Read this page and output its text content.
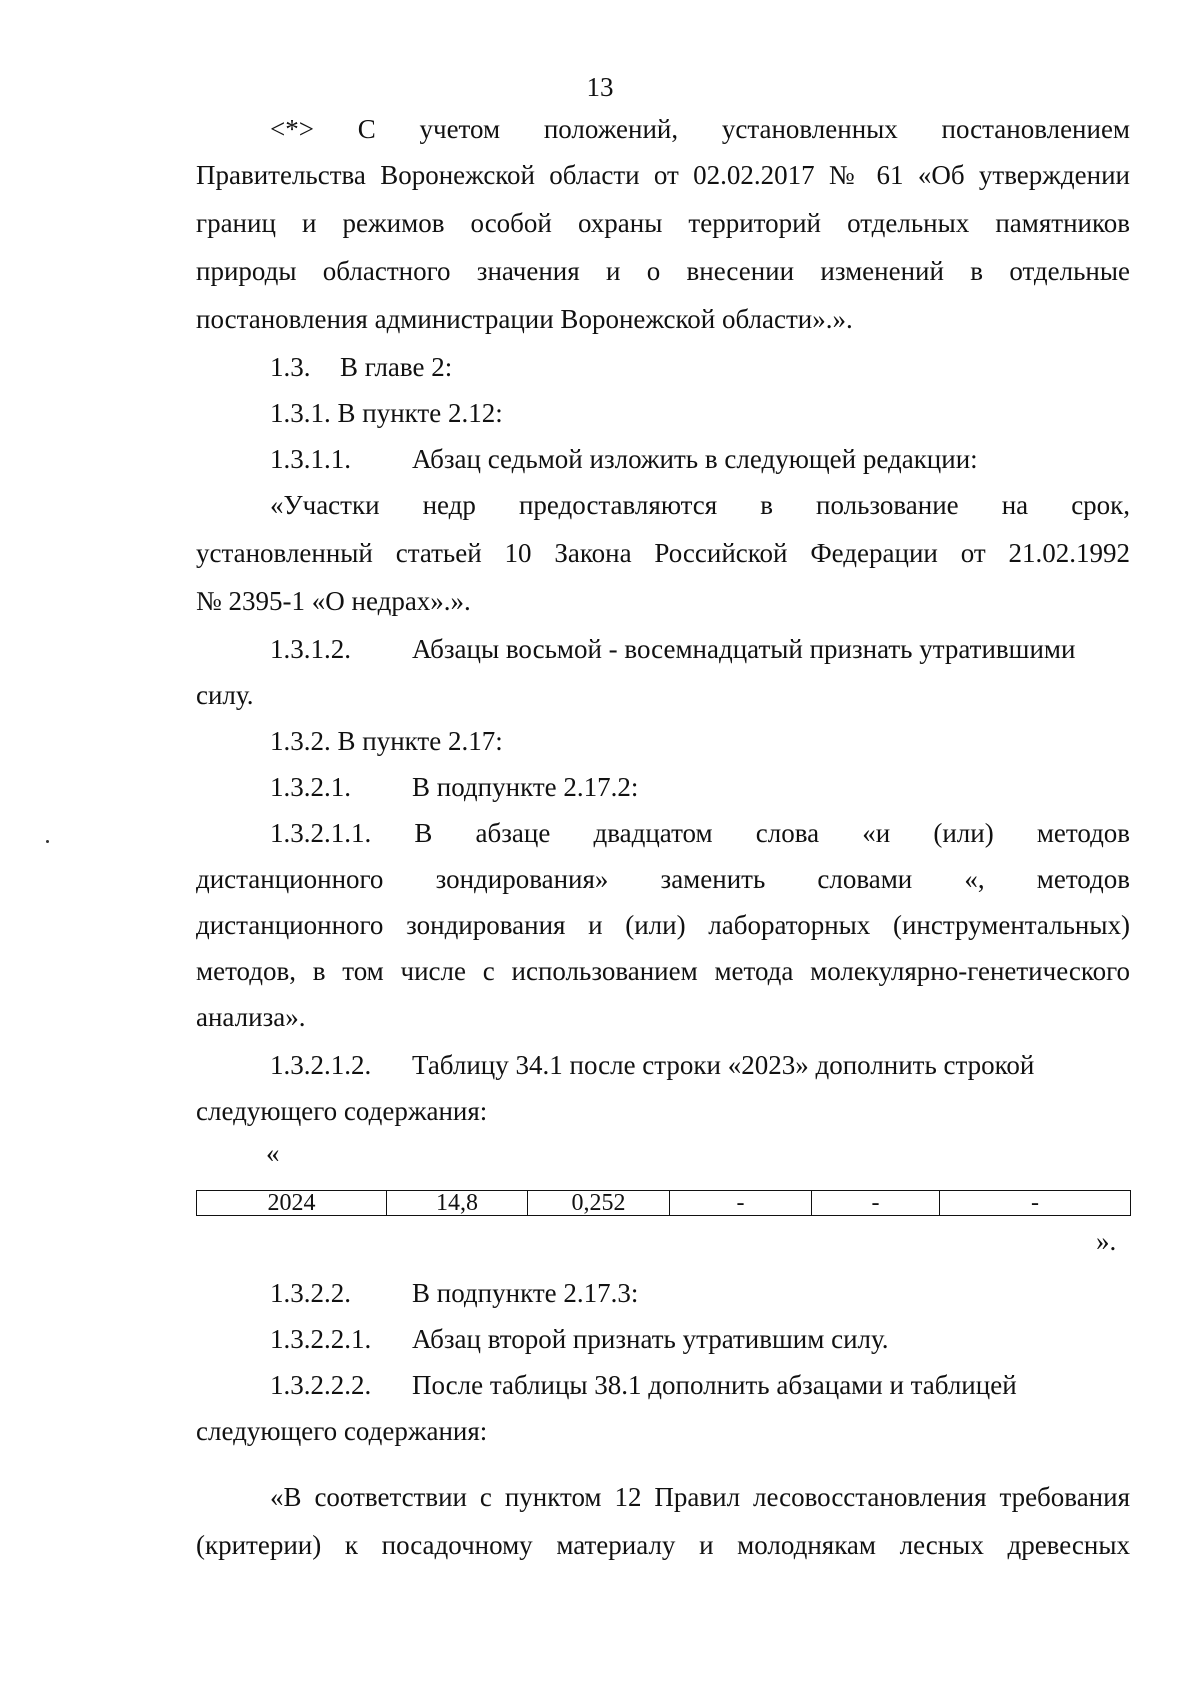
13
<*> С учетом положений, установленных постановлением
Правительства Воронежской области от 02.02.2017 № 61 «Об утверждении
границ и режимов особой охраны территорий отдельных памятников
природы областного значения и о внесении изменений в отдельные
постановления администрации Воронежской области».».
1.3. В главе 2:
1.3.1. В пункте 2.12:
1.3.1.1. Абзац седьмой изложить в следующей редакции:
«Участки недр предоставляются в пользование на срок,
установленный статьей 10 Закона Российской Федерации от 21.02.1992
№ 2395-1 «О недрах».».
1.3.1.2. Абзацы восьмой - восемнадцатый признать утратившими
силу.
1.3.2. В пункте 2.17:
1.3.2.1. В подпункте 2.17.2:
1.3.2.1.1. В абзаце двадцатом слова «и (или) методов
дистанционного зондирования» заменить словами «, методов
дистанционного зондирования и (или) лабораторных (инструментальных)
методов, в том числе с использованием метода молекулярно-генетического
анализа».
1.3.2.1.2. Таблицу 34.1 после строки «2023» дополнить строкой
следующего содержания:
«
2024	14,8	0,252	-	-	-
».
1.3.2.2. В подпункте 2.17.3:
1.3.2.2.1. Абзац второй признать утратившим силу.
1.3.2.2.2. После таблицы 38.1 дополнить абзацами и таблицей
следующего содержания:
«В соответствии с пунктом 12 Правил лесовосстановления требования
(критерии) к посадочному материалу и молоднякам лесных древесных
